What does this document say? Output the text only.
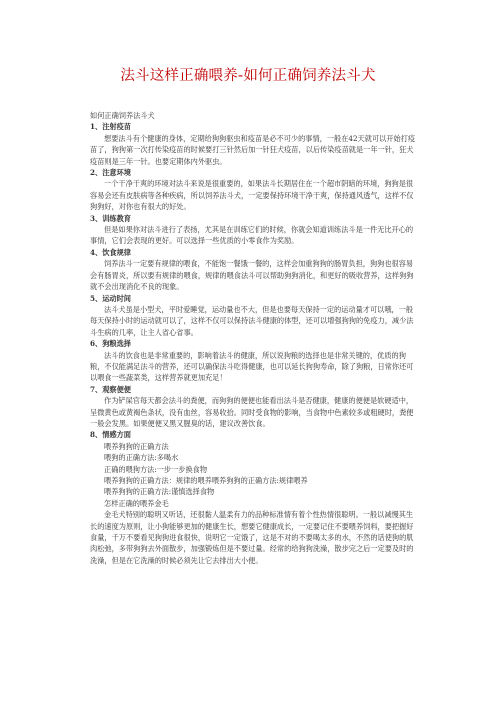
法斗这样正确喂养-如何正确饲养法斗犬

如何正确饲养法斗犬

1、注射疫苗

想要法斗有个健康的身体，定期给狗狗驱虫和疫苗是必不可少的事情，一般在42天就可以开始打疫苗了，狗狗第一次打传染疫苗的时候要打三针然后加一针狂犬疫苗，以后传染疫苗就是一年一针，狂犬疫苗则是三年一针。也要定期体内外驱虫。

2、注意环境

一个干净干爽的环境对法斗来说是很重要的，如果法斗长期居住在一个超市阴暗的环境，狗狗是很容易会还有皮肤病等各种疾病，所以饲养法斗犬，一定要保持环境干净干爽，保持通风透气，这样不仅狗狗好，对你也有很大的好处。

3、训练教育

但是如果你对法斗进行了表扬，尤其是在训练它们的时候，你就会知道训练法斗是一件无比开心的事情，它们会表现的更好。可以选择一些优质的小零食作为奖励。

4、饮食规律

饲养法斗一定要有规律的喂食，不能饱一餐饿一餐的，这样会加重狗狗的肠胃负担，狗狗也很容易会有肠胃炎，所以要有规律的喂食，规律的喂食法斗可以帮助狗狗消化，和更好的吸收营养，这样狗狗就不会出现消化不良的现象。

5、运动时间

法斗犬虽是小型犬，平时爱睡觉，运动量也不大，但是也要每天保持一定的运动量才可以哦，一般每天保持小时的运动就可以了，这样不仅可以保持法斗健康的体型，还可以增强狗狗的免疫力，减少法斗生病的几率，让主人省心省事。

6、狗粮选择

法斗的饮食也是非常重要的，影响着法斗的健康，所以说狗粮的选择也是非常关键的，优质的狗粮，不仅能满足法斗的营养，还可以确保法斗吃得健康，也可以延长狗狗寿命，除了狗粮，日常你还可以喂食一些蔬菜类，这样营养就更加充足！

7、观察便便

作为铲屎官每天都会法斗的粪便，而狗狗的便便也能看出法斗是否健康，健康的便便是软硬适中，呈微黄色或黄褐色条状，没有血丝，容易收拾。同时受食物的影响，当食物中色素较多或粗硬时，粪便一般会发黑。如果便便又黑又腥臭的话，建议改善饮食。

8、情感方面

喂养狗狗的正确方法

喂狗的正确方法:多喝水

正确的喂狗方法:一步一步换食物

喂养狗狗的正确方法：规律的喂养喂养狗狗的正确方法:规律喂养

喂养狗狗的正确方法:谨慎选择食物

怎样正确的喂养金毛

金毛犬特别的聪明又听话，还很黏人温柔有力的品种标准情有着个性热情很聪明。一般以减慢其生长的速度为原则，让小狗能够更加的健康生长，想要它健康成长，一定要记住不要喂养饲料，要把握好食量，千万不要看见狗狗进食很快，说明它一定饿了，这是不对的不要喝太多的水，不然的话使狗的肌肉松弛，多带狗狗去外面散步，加强锻炼但是不要过量。经常的给狗狗洗澡，散步完之后一定要及时的洗澡，但是在它洗澡的时候必须先让它去排出大小便。
